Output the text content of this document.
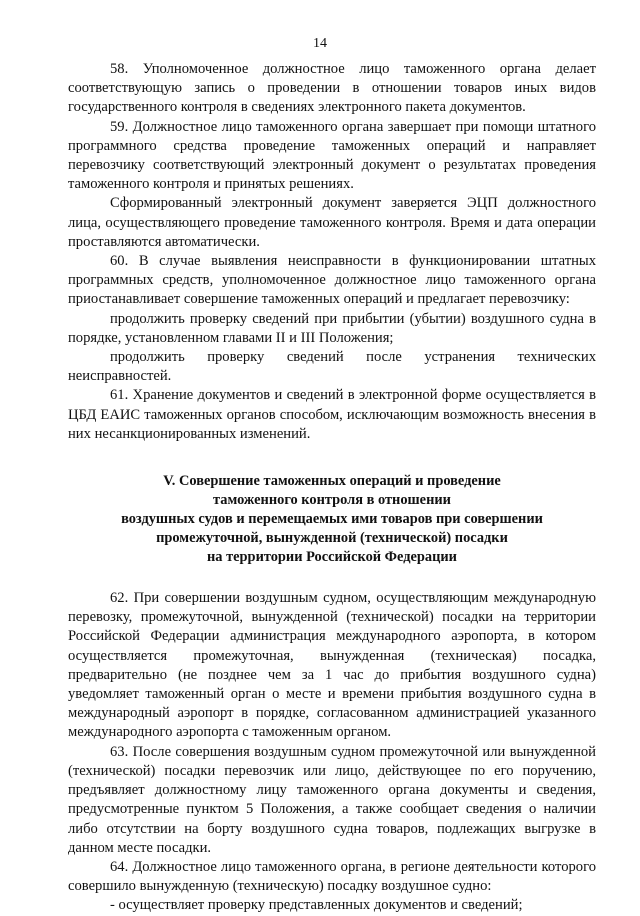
14

58. Уполномоченное должностное лицо таможенного органа делает соответствующую запись о проведении в отношении товаров иных видов государственного контроля в сведениях электронного пакета документов.

59. Должностное лицо таможенного органа завершает при помощи штатного программного средства проведение таможенных операций и направляет перевозчику соответствующий электронный документ о результатах проведения таможенного контроля и принятых решениях.

Сформированный электронный документ заверяется ЭЦП должностного лица, осуществляющего проведение таможенного контроля. Время и дата операции проставляются автоматически.

60. В случае выявления неисправности в функционировании штатных программных средств, уполномоченное должностное лицо таможенного органа приостанавливает совершение таможенных операций и предлагает перевозчику:

продолжить проверку сведений при прибытии (убытии) воздушного судна в порядке, установленном главами II и III Положения;

продолжить проверку сведений после устранения технических неисправностей.

61. Хранение документов и сведений в электронной форме осуществляется в ЦБД ЕАИС таможенных органов способом, исключающим возможность внесения в них несанкционированных изменений.

V. Совершение таможенных операций и проведение
таможенного контроля в отношении
воздушных судов и перемещаемых ими товаров при совершении
промежуточной, вынужденной (технической) посадки
на территории Российской Федерации

62. При совершении воздушным судном, осуществляющим международную перевозку, промежуточной, вынужденной (технической) посадки на территории Российской Федерации администрация международного аэропорта, в котором осуществляется промежуточная, вынужденная (техническая) посадка, предварительно (не позднее чем за 1 час до прибытия воздушного судна) уведомляет таможенный орган о месте и времени прибытия воздушного судна в международный аэропорт в порядке, согласованном администрацией указанного международного аэропорта с таможенным органом.

63. После совершения воздушным судном промежуточной или вынужденной (технической) посадки перевозчик или лицо, действующее по его поручению, предъявляет должностному лицу таможенного органа документы и сведения, предусмотренные пунктом 5 Положения, а также сообщает сведения о наличии либо отсутствии на борту воздушного судна товаров, подлежащих выгрузке в данном месте посадки.

64. Должностное лицо таможенного органа, в регионе деятельности которого совершило вынужденную (техническую) посадку воздушное судно:

- осуществляет проверку представленных документов и сведений;
